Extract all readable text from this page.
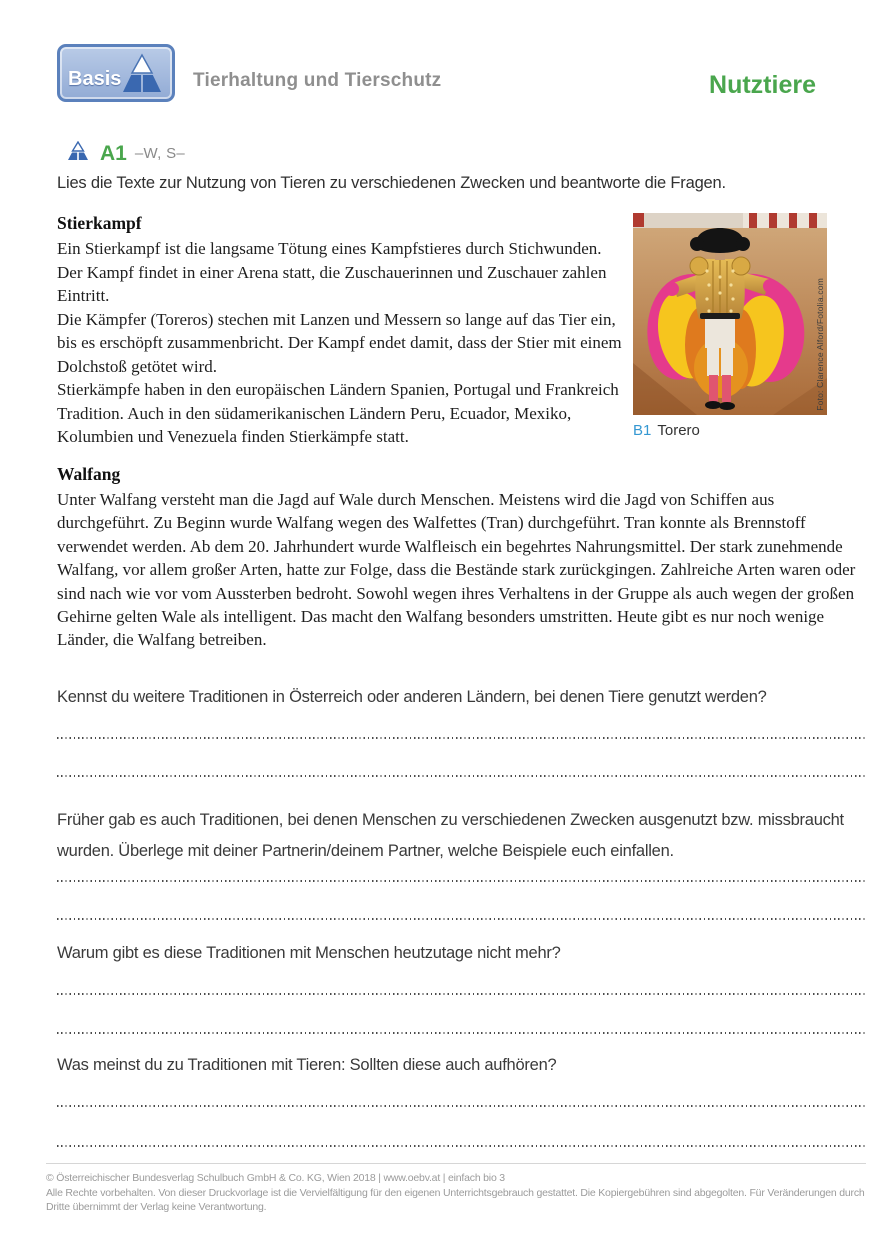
Basis	Tierhaltung und Tierschutz	Nutztiere
A1 –W, S–
Lies die Texte zur Nutzung von Tieren zu verschiedenen Zwecken und beantworte die Fragen.
Stierkampf

Ein Stierkampf ist die langsame Tötung eines Kampfstieres durch Stichwunden. Der Kampf findet in einer Arena statt, die Zuschauerinnen und Zuschauer zahlen Eintritt.

Die Kämpfer (Toreros) stechen mit Lanzen und Messern so lange auf das Tier ein, bis es erschöpft zusammenbricht. Der Kampf endet damit, dass der Stier mit einem Dolchstoß getötet wird.

Stierkämpfe haben in den europäischen Ländern Spanien, Portugal und Frankreich Tradition. Auch in den südamerikanischen Ländern Peru, Ecuador, Mexiko, Kolumbien und Venezuela finden Stierkämpfe statt.

Foto: Clarence Alford/Fotolia.com
B1 Torero
Walfang

Unter Walfang versteht man die Jagd auf Wale durch Menschen. Meistens wird die Jagd von Schiffen aus durchgeführt. Zu Beginn wurde Walfang wegen des Walfettes (Tran) durchgeführt. Tran konnte als Brennstoff verwendet werden. Ab dem 20. Jahrhundert wurde Walfleisch ein begehrtes Nahrungsmittel. Der stark zunehmende Walfang, vor allem großer Arten, hatte zur Folge, dass die Bestände stark zurückgingen. Zahlreiche Arten waren oder sind nach wie vor vom Aussterben bedroht. Sowohl wegen ihres Verhaltens in der Gruppe als auch wegen der großen Gehirne gelten Wale als intelligent. Das macht den Walfang besonders umstritten. Heute gibt es nur noch wenige Länder, die Walfang betreiben.

Kennst du weitere Traditionen in Österreich oder anderen Ländern, bei denen Tiere genutzt werden?
Früher gab es auch Traditionen, bei denen Menschen zu verschiedenen Zwecken ausgenutzt bzw. missbraucht wurden. Überlege mit deiner Partnerin/deinem Partner, welche Beispiele euch einfallen.
Warum gibt es diese Traditionen mit Menschen heutzutage nicht mehr?
Was meinst du zu Traditionen mit Tieren: Sollten diese auch aufhören?
© Österreichischer Bundesverlag Schulbuch GmbH & Co. KG, Wien 2018 | www.oebv.at | einfach bio 3
Alle Rechte vorbehalten. Von dieser Druckvorlage ist die Vervielfältigung für den eigenen Unterrichtsgebrauch gestattet. Die Kopiergebühren sind abgegolten. Für Veränderungen durch
Dritte übernimmt der Verlag keine Verantwortung.
